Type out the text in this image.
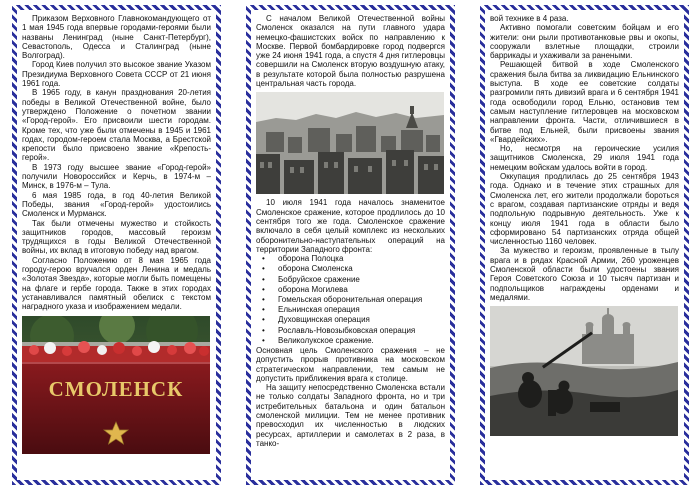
Приказом Верховного Главнокомандующего от 1 мая 1945 года впервые городами-героями были названы Ленинград (ныне Санкт-Петербург), Севастополь, Одесса и Сталинград (ныне Волгоград).

Город Киев получил это высокое звание Указом Президиума Верховного Совета СССР от 21 июня 1961 года.

В 1965 году, в канун празднования 20-летия победы в Великой Отечественной войне, было утверждено Положение о почетном звании «Город-герой». Его присвоили шести городам. Кроме тех, что уже были отмечены в 1945 и 1961 годах, городом-героем стала Москва, а Брестской крепости было присвоено звание «Крепость-герой».

В 1973 году высшее звание «Город-герой» получили Новороссийск и Керчь, в 1974-м – Минск, в 1976-м – Тула.

6 мая 1985 года, в год 40-летия Великой Победы, звания «Город-герой» удостоились Смоленск и Мурманск.

Так были отмечены мужество и стойкость защитников городов, массовый героизм трудящихся в годы Великой Отечественной войны, их вклад в итоговую победу над врагом.

Согласно Положению от 8 мая 1965 года городу-герою вручался орден Ленина и медаль «Золотая Звезда», которые могли быть помещены на флаге и гербе города. Также в этих городах устанавливался памятный обелиск с текстом наградного указа и изображением медали.

СМОЛЕНСК

С началом Великой Отечественной войны Смоленск оказался на пути главного удара немецко-фашистских войск по направлению к Москве. Первой бомбардировке город подвергся уже 24 июня 1941 года, а спустя 4 дня гитлеровцы совершили на Смоленск вторую воздушную атаку, в результате которой была полностью разрушена центральная часть города.

10 июля 1941 года началось знаменитое Смоленское сражение, которое продлилось до 10 сентября того же года. Смоленское сражение включало в себя целый комплекс из нескольких оборонительно-наступательных операций на территории Западного фронта:

• оборона Полоцка
• оборона Смоленска
• Бобруйское сражение
• оборона Могилева
• Гомельская оборонительная операция
• Ельнинская операция
• Духовщинская операция
• Рославль-Новозыбковская операция
• Великолукское сражение.

Основная цель Смоленского сражения – не допустить прорыв противника на московском стратегическом направлении, тем самым не допустить приближения врага к столице.

На защиту непосредственно Смоленска встали не только солдаты Западного фронта, но и три истребительных батальона и один батальон смоленской милиции. Тем не менее противник превосходил их численностью в людских ресурсах, артиллерии и самолетах в 2 раза, в танко-

вой технике в 4 раза.

Активно помогали советским бойцам и его жители: они рыли противотанковые рвы и окопы, сооружали взлетные площадки, строили баррикады и ухаживали за ранеными.

Решающей битвой в ходе Смоленского сражения была битва за ликвидацию Ельнинского выступа. В ходе ее советские солдаты разгромили пять дивизий врага и 6 сентября 1941 года освободили город Ельню, остановив тем самым наступление гитлеровцев на московском направлении фронта. Части, отличившиеся в битве под Ельней, были присвоены звания «Гвардейских».

Но, несмотря на героические усилия защитников Смоленска, 29 июля 1941 года немецким войскам удалось войти в город.

Оккупация продлилась до 25 сентября 1943 года. Однако и в течение этих страшных для Смоленска лет, его жители продолжали бороться с врагом, создавая партизанские отряды и ведя подпольную подрывную деятельность. Уже к концу июля 1941 года в области было сформировано 54 партизанских отряда общей численностью 1160 человек.

За мужество и героизм, проявленные в тылу врага и в рядах Красной Армии, 260 уроженцев Смоленской области были удостоены звания Героя Советского Союза и 10 тысяч партизан и подпольщиков награждены орденами и медалями.
